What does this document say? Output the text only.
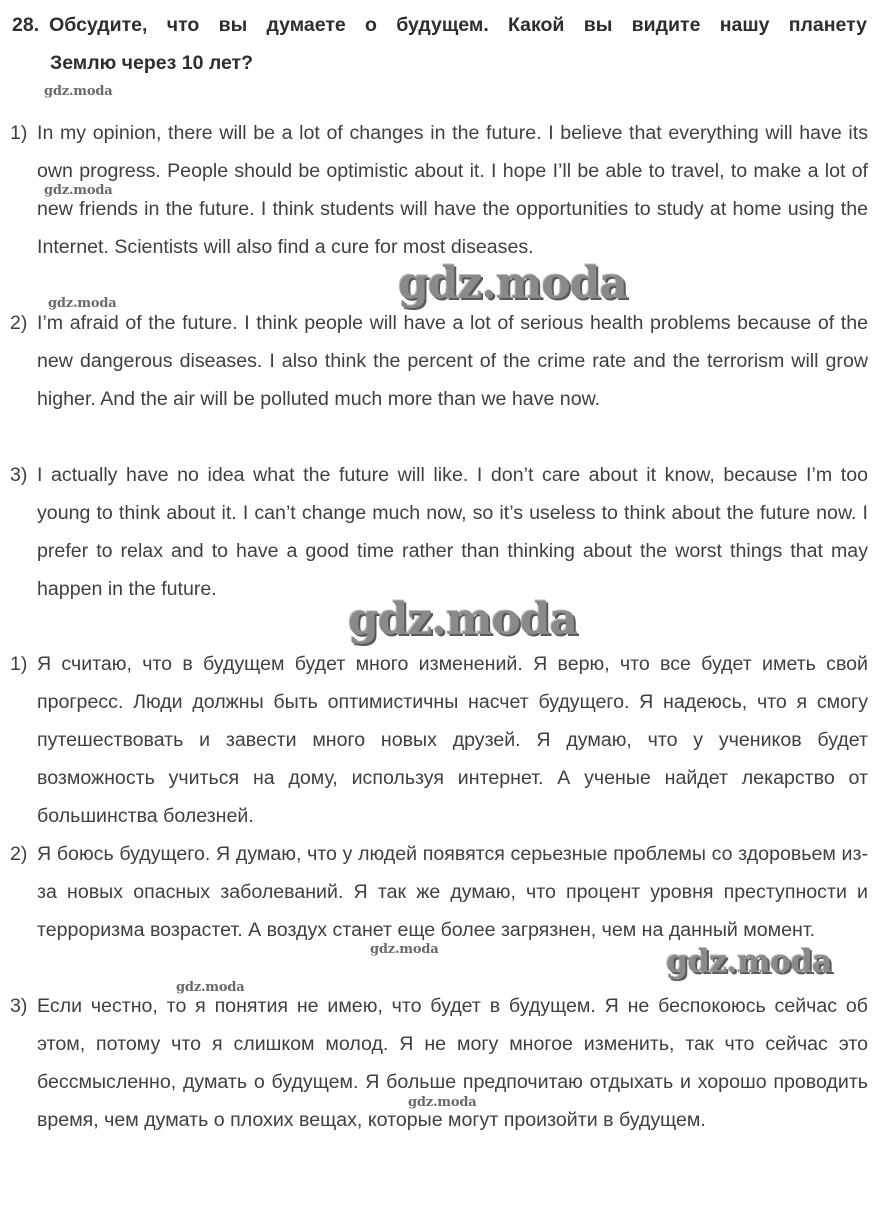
28. Обсудите, что вы думаете о будущем. Какой вы видите нашу планету
Землю через 10 лет?
1) In my opinion, there will be a lot of changes in the future. I believe that everything will have its own progress. People should be optimistic about it. I hope I’ll be able to travel, to make a lot of new friends in the future. I think students will have the opportunities to study at home using the Internet. Scientists will also find a cure for most diseases.
2) I’m afraid of the future. I think people will have a lot of serious health problems because of the new dangerous diseases. I also think the percent of the crime rate and the terrorism will grow higher. And the air will be polluted much more than we have now.
3) I actually have no idea what the future will like. I don’t care about it know, because I’m too young to think about it. I can’t change much now, so it’s useless to think about the future now. I prefer to relax and to have a good time rather than thinking about the worst things that may happen in the future.
1) Я считаю, что в будущем будет много изменений. Я верю, что все будет иметь свой прогресс. Люди должны быть оптимистичны насчет будущего. Я надеюсь, что я смогу путешествовать и завести много новых друзей. Я думаю, что у учеников будет возможность учиться на дому, используя интернет. А ученые найдет лекарство от большинства болезней.
2) Я боюсь будущего. Я думаю, что у людей появятся серьезные проблемы со здоровьем из-за новых опасных заболеваний. Я так же думаю, что процент уровня преступности и терроризма возрастет. А воздух станет еще более загрязнен, чем на данный момент.
3) Если честно, то я понятия не имею, что будет в будущем. Я не беспокоюсь сейчас об этом, потому что я слишком молод. Я не могу многое изменить, так что сейчас это бессмысленно, думать о будущем. Я больше предпочитаю отдыхать и хорошо проводить время, чем думать о плохих вещах, которые могут произойти в будущем.
gdz.moda
gdz.moda
gdz.moda	gdz.moda
gdz.moda
gdz.moda	gdz.moda
gdz.moda
gdz.moda
